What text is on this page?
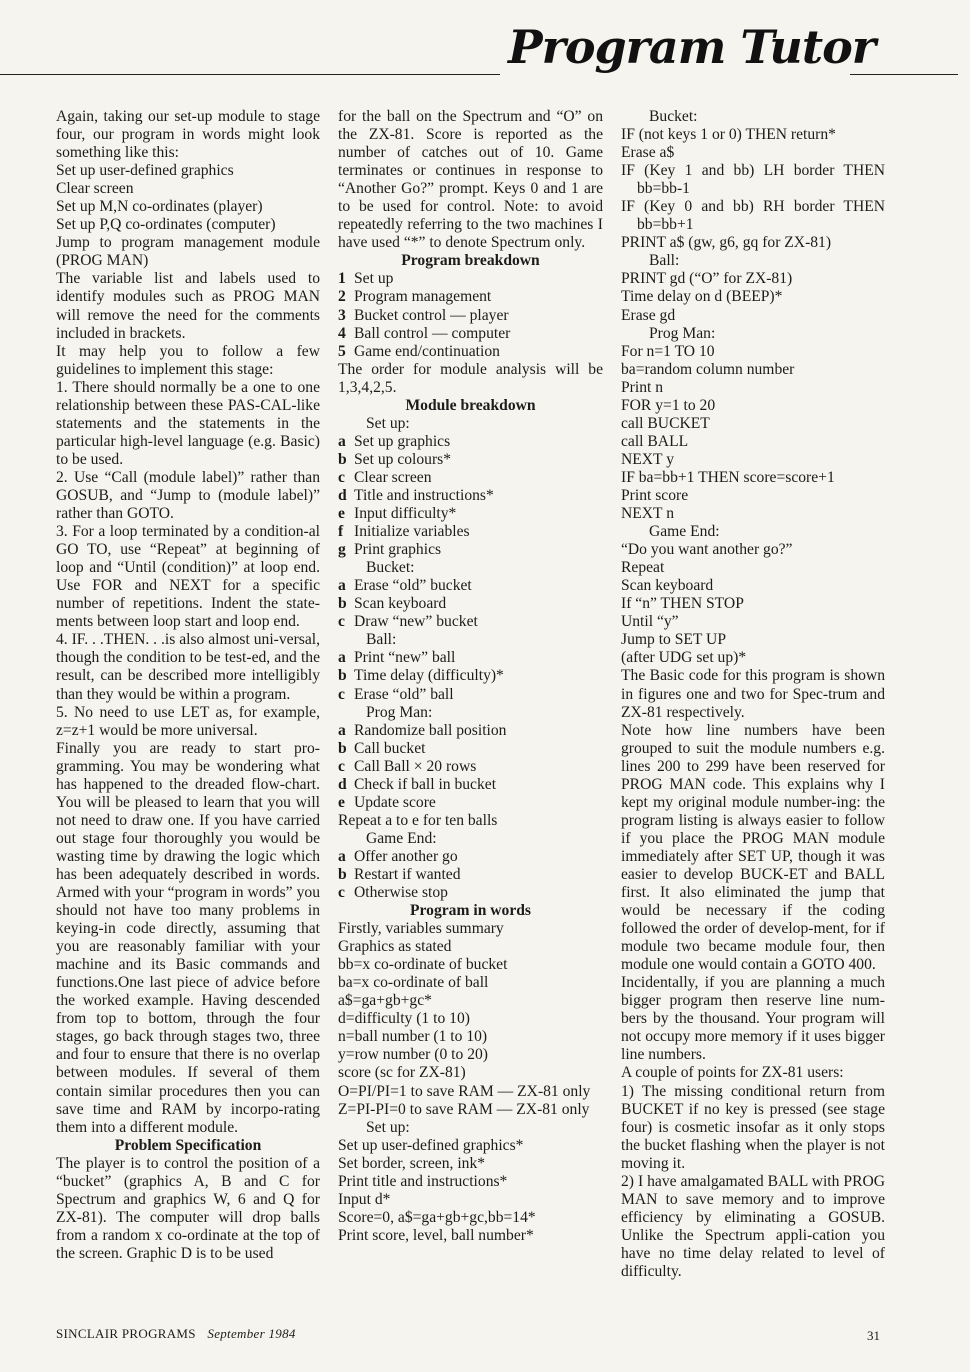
Program Tutor
Again, taking our set-up module to stage four, our program in words might look something like this:
Set up user-defined graphics
Clear screen
Set up M,N co-ordinates (player)
Set up P,Q co-ordinates (computer)
Jump to program management module (PROG MAN)
The variable list and labels used to identify modules such as PROG MAN will remove the need for the comments included in brackets.
It may help you to follow a few guidelines to implement this stage:
1. There should normally be a one to one relationship between these PAS-CAL-like statements and the statements in the particular high-level language (e.g. Basic) to be used.
2. Use “Call (module label)” rather than GOSUB, and “Jump to (module label)” rather than GOTO.
3. For a loop terminated by a condition-al GO TO, use “Repeat” at beginning of loop and “Until (condition)” at loop end. Use FOR and NEXT for a specific number of repetitions. Indent the state-ments between loop start and loop end.
4. IF. . .THEN. . .is also almost uni-versal, though the condition to be test-ed, and the result, can be described more intelligibly than they would be within a program.
5. No need to use LET as, for example, z=z+1 would be more universal.
Finally you are ready to start pro-gramming. You may be wondering what has happened to the dreaded flow-chart. You will be pleased to learn that you will not need to draw one. If you have carried out stage four thoroughly you would be wasting time by drawing the logic which has been adequately described in words. Armed with your “program in words” you should not have too many problems in keying-in code directly, assuming that you are reasonably familiar with your machine and its Basic commands and functions.One last piece of advice before the worked example. Having descended from top to bottom, through the four stages, go back through stages two, three and four to ensure that there is no overlap between modules. If several of them contain similar procedures then you can save time and RAM by incorpo-rating them into a different module.
Problem Specification
The player is to control the position of a “bucket” (graphics A, B and C for Spectrum and graphics W, 6 and Q for ZX-81). The computer will drop balls from a random x co-ordinate at the top of the screen. Graphic D is to be used
for the ball on the Spectrum and “O” on the ZX-81. Score is reported as the number of catches out of 10. Game terminates or continues in response to “Another Go?” prompt. Keys 0 and 1 are to be used for control. Note: to avoid repeatedly referring to the two machines I have used “*” to denote Spectrum only.
Program breakdown
1 Set up
2 Program management
3 Bucket control — player
4 Ball control — computer
5 Game end/continuation
The order for module analysis will be 1,3,4,2,5.
Module breakdown
Set up:
a Set up graphics
b Set up colours*
c Clear screen
d Title and instructions*
e Input difficulty*
f Initialize variables
g Print graphics
Bucket:
a Erase “old” bucket
b Scan keyboard
c Draw “new” bucket
Ball:
a Print “new” ball
b Time delay (difficulty)*
c Erase “old” ball
Prog Man:
a Randomize ball position
b Call bucket
c Call Ball × 20 rows
d Check if ball in bucket
e Update score
Repeat a to e for ten balls
Game End:
a Offer another go
b Restart if wanted
c Otherwise stop
Program in words
Firstly, variables summary
Graphics as stated
bb=x co-ordinate of bucket
ba=x co-ordinate of ball
a$=ga+gb+gc*
d=difficulty (1 to 10)
n=ball number (1 to 10)
y=row number (0 to 20)
score (sc for ZX-81)
O=PI/PI=1 to save RAM — ZX-81 only
Z=PI-PI=0 to save RAM — ZX-81 only
Set up:
Set up user-defined graphics*
Set border, screen, ink*
Print title and instructions*
Input d*
Score=0, a$=ga+gb+gc,bb=14*
Print score, level, ball number*
Bucket:
IF (not keys 1 or 0) THEN return*
Erase a$
IF (Key 1 and bb) LH border THEN bb=bb-1
IF (Key 0 and bb) RH border THEN bb=bb+1
PRINT a$ (gw, g6, gq for ZX-81)
Ball:
PRINT gd (“O” for ZX-81)
Time delay on d (BEEP)*
Erase gd
Prog Man:
For n=1 TO 10
ba=random column number
Print n
FOR y=1 to 20
call BUCKET
call BALL
NEXT y
IF ba=bb+1 THEN score=score+1
Print score
NEXT n
Game End:
“Do you want another go?”
Repeat
Scan keyboard
If “n” THEN STOP
Until “y”
Jump to SET UP
(after UDG set up)*
The Basic code for this program is shown in figures one and two for Spec-trum and ZX-81 respectively.
Note how line numbers have been grouped to suit the module numbers e.g. lines 200 to 299 have been reserved for PROG MAN code. This explains why I kept my original module number-ing: the program listing is always easier to follow if you place the PROG MAN module immediately after SET UP, though it was easier to develop BUCK-ET and BALL first. It also eliminated the jump that would be necessary if the coding followed the order of develop-ment, for if module two became module four, then module one would contain a GOTO 400.
Incidentally, if you are planning a much bigger program then reserve line num-bers by the thousand. Your program will not occupy more memory if it uses bigger line numbers.
A couple of points for ZX-81 users:
1) The missing conditional return from BUCKET if no key is pressed (see stage four) is cosmetic insofar as it only stops the bucket flashing when the player is not moving it.
2) I have amalgamated BALL with PROG MAN to save memory and to improve efficiency by eliminating a GOSUB. Unlike the Spectrum appli-cation you have no time delay related to level of difficulty.
SINCLAIR PROGRAMS September 1984	31
